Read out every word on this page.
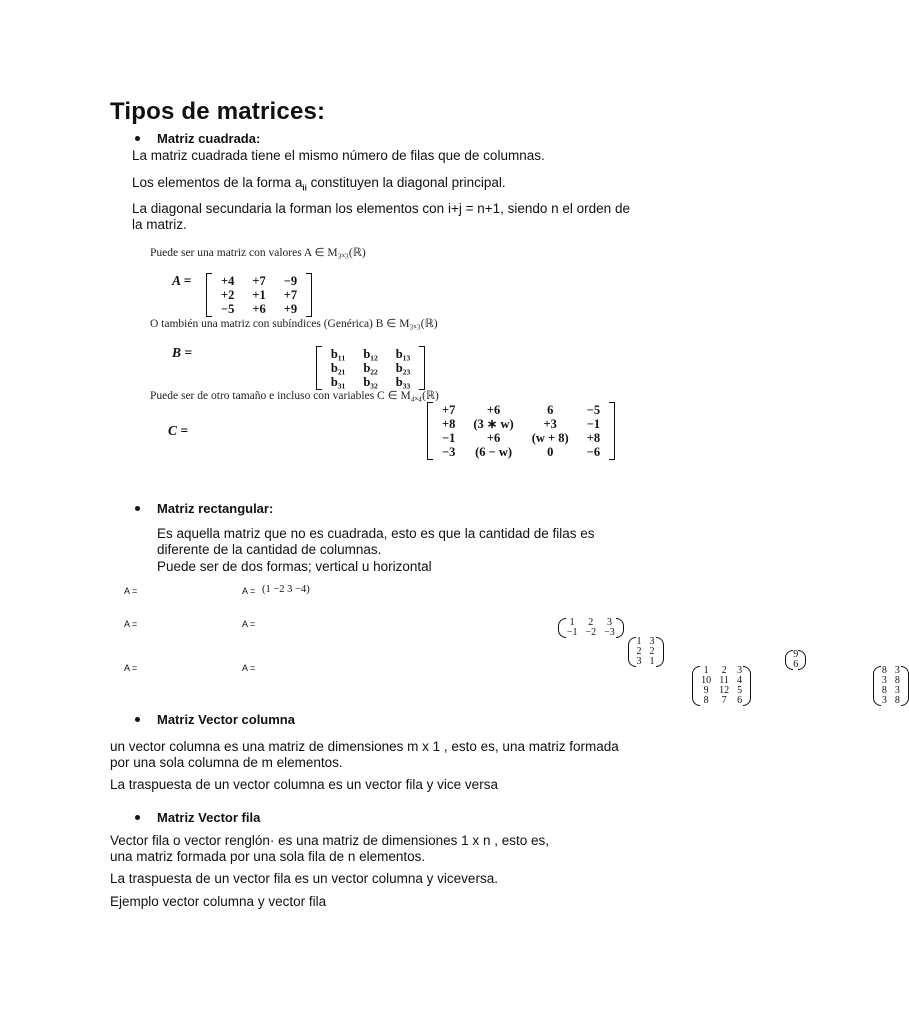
Tipos de matrices:
Matriz cuadrada:
La matriz cuadrada tiene el mismo número de filas que de columnas.
Los elementos de la forma $a_{ii}$ constituyen la diagonal principal.
La diagonal secundaria la forman los elementos con i+j = n+1, siendo n el orden de
la matriz.
Puede ser una matriz con valores A ∈ M₃ₓ₃(ℝ)
A = +4	+7	−9
+2	+1	+7
−5	+6	+9

O también una matriz con subíndices (Genérica) B ∈ M₃ₓ₃(ℝ)
B =	b₁₁	b₁₂	b₁₃
b₂₁	b₂₂	b₂₃
b₃₁	b₃₂	b₃₃

Puede ser de otro tamaño e incluso con variables C ∈ M₄ₓ₄(ℝ)
C =
+7	+6	6	−5
+8	(3 ∗ w)	+3	−1
−1	+6	(w + 8)	+8
−3	(6 − w)	0	−6

Matriz rectangular:
Es aquella matriz que no es cuadrada, esto es que la cantidad de filas es
diferente de la cantidad de columnas.
Puede ser de dos formas; vertical u horizontal
A =
1	2	3
−1	−2	−3

A = (1 −2 3 −4)
A =
1	3
2	2
3	1

A =
9
6

A =	1	2	3
10	11	4
9	12	5
8	7	6

A =	8	3
3	8
8	3
3	8
Matriz Vector columna
un vector columna es una matriz de dimensiones m x 1 , esto es, una matriz formada
por una sola columna de m elementos.
La traspuesta de un vector columna es un vector fila y vice versa
Matriz Vector fila
Vector fila o vector renglón· es una matriz de dimensiones 1 x n , esto es,
una matriz formada por una sola fila de n elementos.
La traspuesta de un vector fila es un vector columna y viceversa.
Ejemplo vector columna y vector fila
